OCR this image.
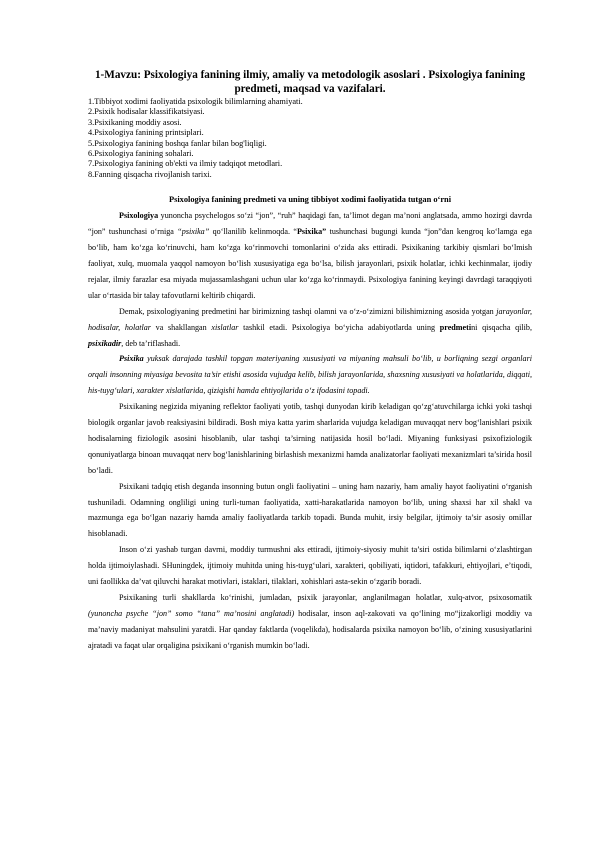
1-Mavzu: Psixologiya fanining ilmiy, amaliy va metodologik asoslari . Psixologiya fanining predmeti, maqsad va vazifalari.
1.Tibbiyot xodimi faoliyatida psixologik bilimlarning ahamiyati.
2.Psixik hodisalar klassifikatsiyasi.
3.Psixikaning moddiy asosi.
4.Psixologiya fanining printsiplari.
5.Psixologiya fanining boshqa fanlar bilan bog'liqligi.
6.Psixologiya fanining sohalari.
7.Psixologiya fanining ob'ekti va ilmiy tadqiqot metodlari.
8.Fanning qisqacha rivojlanish tarixi.
Psixologiya fanining predmeti va uning tibbiyot xodimi faoliyatida tutgan o‘rni

Psixologiya yunoncha psychelogos so‘zi “jon”, “ruh” haqidagi fan, ta’limot degan ma’noni anglatsada, ammo hozirgi davrda “jon” tushunchasi o‘rniga “psixika” qo‘llanilib kelinmoqda. “Psixika” tushunchasi bugungi kunda “jon”dan kengroq ko‘lamga ega bo‘lib, ham ko‘zga ko‘rinuvchi, ham ko‘zga ko‘rinmovchi tomonlarini o‘zida aks ettiradi. Psixikaning tarkibiy qismlari bo‘lmish faoliyat, xulq, muomala yaqqol namoyon bo‘lish xususiyatiga ega bo‘lsa, bilish jarayonlari, psixik holatlar, ichki kechinmalar, ijodiy rejalar, ilmiy farazlar esa miyada mujassamlashgani uchun ular ko‘zga ko‘rinmaydi. Psixologiya fanining keyingi davrdagi taraqqiyoti ular o‘rtasida bir talay tafovutlarni keltirib chiqardi.

Demak, psixologiyaning predmetini har birimizning tashqi olamni va o‘z-o‘zimizni bilishimizning asosida yotgan jarayonlar, hodisalar, holatlar va shakllangan xislatlar tashkil etadi. Psixologiya bo‘yicha adabiyotlarda uning predmetini qisqacha qilib, psixikadir, deb ta’riflashadi.

Psixika yuksak darajada tashkil topgan materiyaning xususiyati va miyaning mahsuli bo‘lib, u borliqning sezgi organlari orqali insonning miyasiga bevosita ta’sir etishi asosida vujudga kelib, bilish jarayonlarida, shaxsning xususiyati va holatlarida, diqqati, his-tuyg‘ulari, xarakter xislatlarida, qiziqishi hamda ehtiyojlarida o‘z ifodasini topadi.

Psixikaning negizida miyaning reflektor faoliyati yotib, tashqi dunyodan kirib keladigan qo‘zg‘atuvchilarga ichki yoki tashqi biologik organlar javob reaksiyasini bildiradi. Bosh miya katta yarim sharlarida vujudga keladigan muvaqqat nerv bog‘lanishlari psixik hodisalarning fiziologik asosini hisoblanib, ular tashqi ta’sirning natijasida hosil bo‘ladi. Miyaning funksiyasi psixofiziologik qonuniyatlarga binoan muvaqqat nerv bog‘lanishlarining birlashish mexanizmi hamda analizatorlar faoliyati mexanizmlari ta’sirida hosil bo‘ladi.

Psixikani tadqiq etish deganda insonning butun ongli faoliyatini – uning ham nazariy, ham amaliy hayot faoliyatini o‘rganish tushuniladi. Odamning ongliligi uning turli-tuman faoliyatida, xatti-harakatlarida namoyon bo‘lib, uning shaxsi har xil shakl va mazmunga ega bo‘lgan nazariy hamda amaliy faoliyatlarda tarkib topadi. Bunda muhit, irsiy belgilar, ijtimoiy ta’sir asosiy omillar hisoblanadi.

Inson o‘zi yashab turgan davrni, moddiy turmushni aks ettiradi, ijtimoiy-siyosiy muhit ta’siri ostida bilimlarni o‘zlashtirgan holda ijtimoiylashadi. SHuningdek, ijtimoiy muhitda uning his-tuyg‘ulari, xarakteri, qobiliyati, iqtidori, tafakkuri, ehtiyojlari, e’tiqodi, uni faollikka da’vat qiluvchi harakat motivlari, istaklari, tilaklari, xohishlari asta-sekin o‘zgarib boradi.

Psixikaning turli shakllarda ko‘rinishi, jumladan, psixik jarayonlar, anglanilmagan holatlar, xulq-atvor, psixosomatik (yunoncha psyche “jon” somo “tana” ma’nosini anglatadi) hodisalar, inson aql-zakovati va qo‘lining mo“jizakorligi moddiy va ma’naviy madaniyat mahsulini yaratdi. Har qanday faktlarda (voqelikda), hodisalarda psixika namoyon bo‘lib, o‘zining xususiyatlarini ajratadi va faqat ular orqaligina psixikani o‘rganish mumkin bo‘ladi.
